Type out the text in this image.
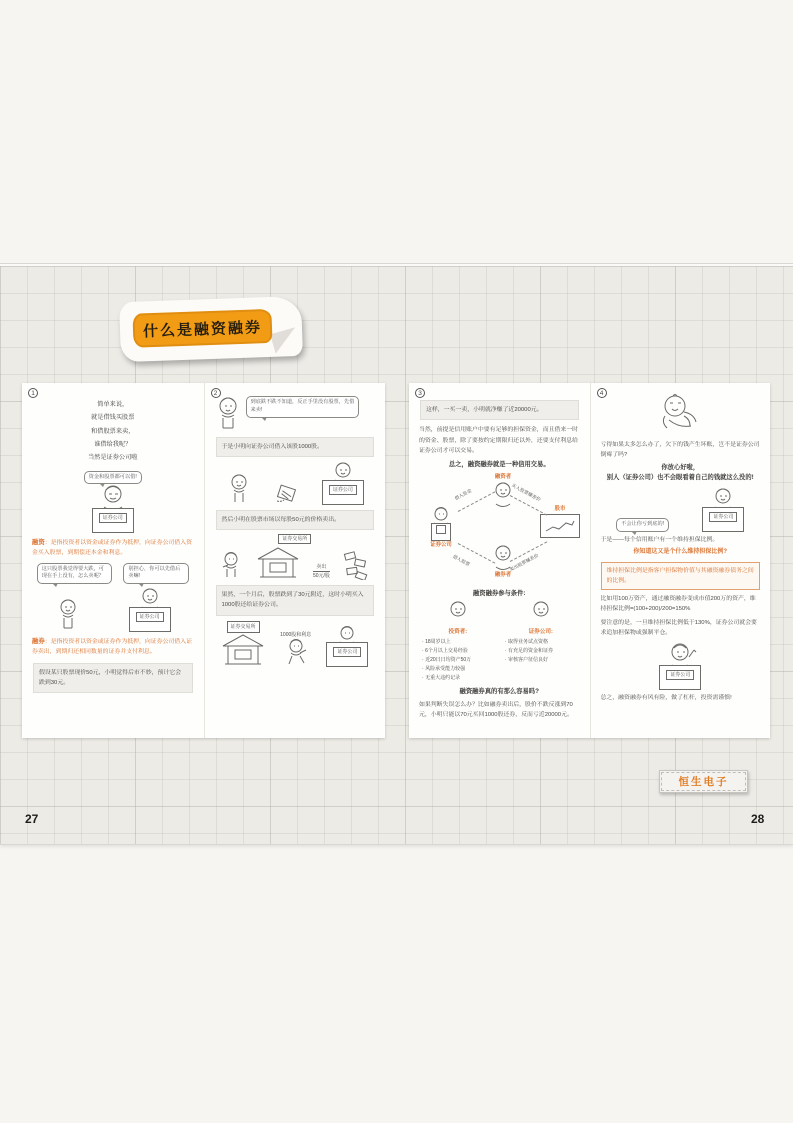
什么是融资融券
1
简单来说，
就是借钱买股票
和借股票来卖，
谁借给我呢？
当然是证券公司啦
资金和股票都可以借!
证券公司
融资：是指投资者以资金或证券作为抵押，向证券公司借入资金买入股票，到期偿还本金和利息。
这只股票我觉得要大跌，可现在手上没有，怎么卖呢？
别担心，你可以先借后卖嘛!
证券公司
融券：是指投资者以资金或证券作为抵押，向证券公司借入证券卖出，到期归还相同数量的证券并支付利息。
假设某只股票现价50元，小明觉得后市不妙，预计它会跌到30元。
2
到底跌不跌不知道，反正手里没有股票，先借来卖!
于是小明向证券公司借入该股1000股。
证券公司
然后小明在股票市场以每股50元的价格卖出。
证券交易所
卖出
50元/股
果然，一个月后，股票跌到了30元附近，这时小明买入1000股还给证券公司。
证券交易所
1000股和利息
证券公司
3
这样，一买一卖，小明就净赚了近20000元。
当然，前提是信用账户中要有足够的担保资金，而且借来一时的资金、股票，除了要按约定期限归还以外，还要支付利息给证券公司才可以交易。
总之，融资融券就是一种信用交易。
融资者
融券者

证券公司
股市
借入资金	买入股票赚差价
借入股票	卖出股票赚差价
融资融券参与条件:
投资者:
· 18周岁以上
· 6个月以上交易经验
· 近20日日均资产50万
· 风险承受能力较强
· 无重大违约记录
证券公司:
· 取得业务试点资格
· 有充足的资金和证券
· 审核客户征信良好
融资融券真的有那么容易吗?
如果判断失误怎么办？比如融券卖出后，股价不跌反涨到70元，小明只能以70元买回1000股还券，反而亏近20000元。
4
亏得如果太多怎么办了，欠下的钱产生坏账，岂不是证券公司倒霉了吗?
你放心好啦，
别人（证券公司）也不会眼看着自己的钱就这么没的!
不会让你亏到底的!
证券公司
于是——每个信用账户有一个维持担保比例。
你知道这又是个什么维持担保比例?
维持担保比例是指客户担保物价值与其融资融券债务之间的比例。
比如用100万资产，通过融资融券变成市值200万的资产，维持担保比例=(100+200)/200=150%
要注意的是，一旦维持担保比例低于130%，证券公司就会要求追加担保物或强制平仓。
证券公司
总之，融资融券有风有险，做了杠杆，投资需谨慎!
恒生电子
27	28
